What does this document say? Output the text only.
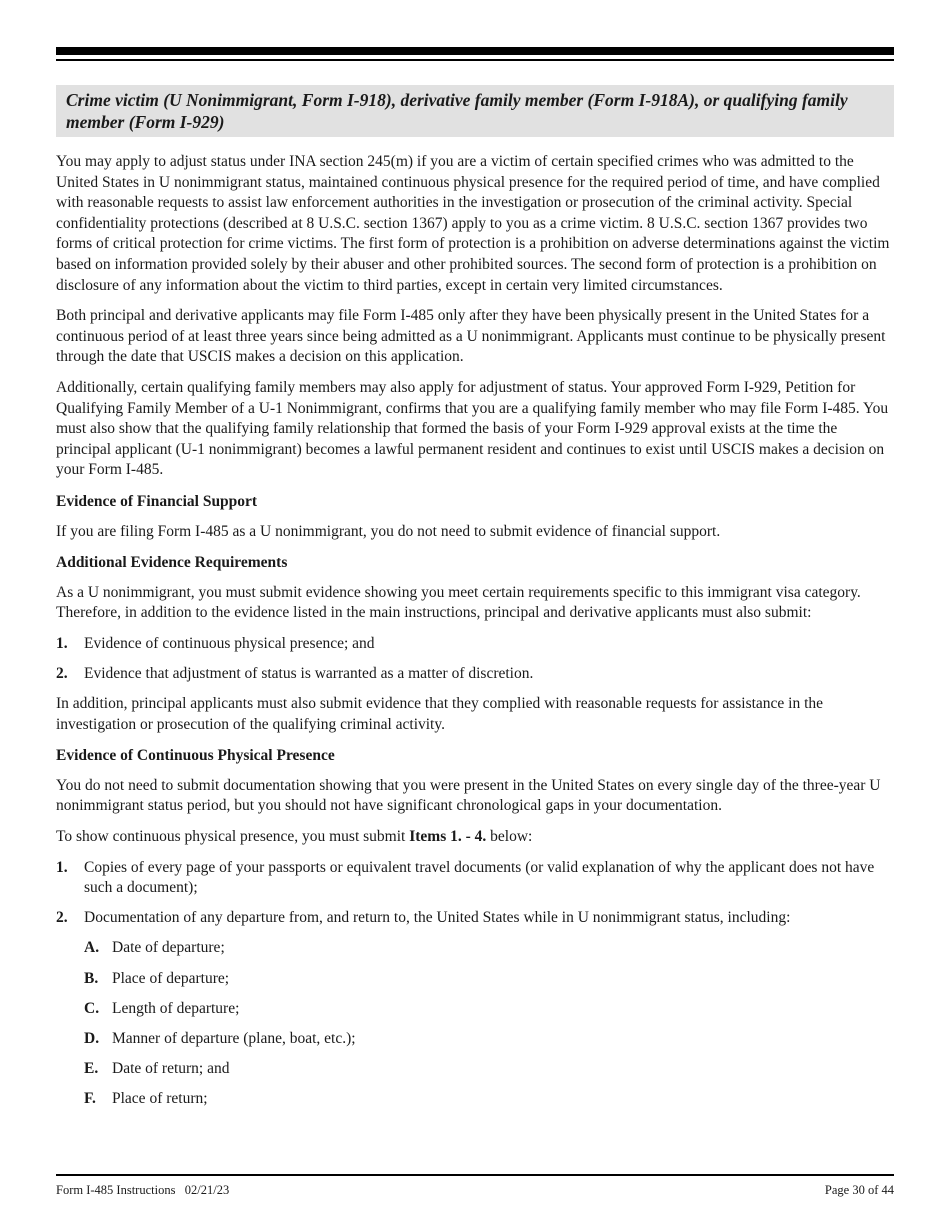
Crime victim (U Nonimmigrant, Form I-918), derivative family member (Form I-918A), or qualifying family member (Form I-929)

You may apply to adjust status under INA section 245(m) if you are a victim of certain specified crimes who was admitted to the United States in U nonimmigrant status, maintained continuous physical presence for the required period of time, and have complied with reasonable requests to assist law enforcement authorities in the investigation or prosecution of the criminal activity. Special confidentiality protections (described at 8 U.S.C. section 1367) apply to you as a crime victim. 8 U.S.C. section 1367 provides two forms of critical protection for crime victims. The first form of protection is a prohibition on adverse determinations against the victim based on information provided solely by their abuser and other prohibited sources. The second form of protection is a prohibition on disclosure of any information about the victim to third parties, except in certain very limited circumstances.

Both principal and derivative applicants may file Form I-485 only after they have been physically present in the United States for a continuous period of at least three years since being admitted as a U nonimmigrant. Applicants must continue to be physically present through the date that USCIS makes a decision on this application.

Additionally, certain qualifying family members may also apply for adjustment of status. Your approved Form I-929, Petition for Qualifying Family Member of a U-1 Nonimmigrant, confirms that you are a qualifying family member who may file Form I-485. You must also show that the qualifying family relationship that formed the basis of your Form I-929 approval exists at the time the principal applicant (U-1 nonimmigrant) becomes a lawful permanent resident and continues to exist until USCIS makes a decision on your Form I-485.

Evidence of Financial Support

If you are filing Form I-485 as a U nonimmigrant, you do not need to submit evidence of financial support.

Additional Evidence Requirements

As a U nonimmigrant, you must submit evidence showing you meet certain requirements specific to this immigrant visa category. Therefore, in addition to the evidence listed in the main instructions, principal and derivative applicants must also submit:

1.	Evidence of continuous physical presence; and
2.	Evidence that adjustment of status is warranted as a matter of discretion.

In addition, principal applicants must also submit evidence that they complied with reasonable requests for assistance in the investigation or prosecution of the qualifying criminal activity.

Evidence of Continuous Physical Presence

You do not need to submit documentation showing that you were present in the United States on every single day of the three-year U nonimmigrant status period, but you should not have significant chronological gaps in your documentation.

To show continuous physical presence, you must submit Items 1. - 4. below:

1.	Copies of every page of your passports or equivalent travel documents (or valid explanation of why the applicant does not have such a document);
2.	Documentation of any departure from, and return to, the United States while in U nonimmigrant status, including:
A. Date of departure;
B. Place of departure;
C. Length of departure;
D. Manner of departure (plane, boat, etc.);
E. Date of return; and
F.	Place of return;
Form I-485 Instructions   02/21/23	Page 30 of 44
